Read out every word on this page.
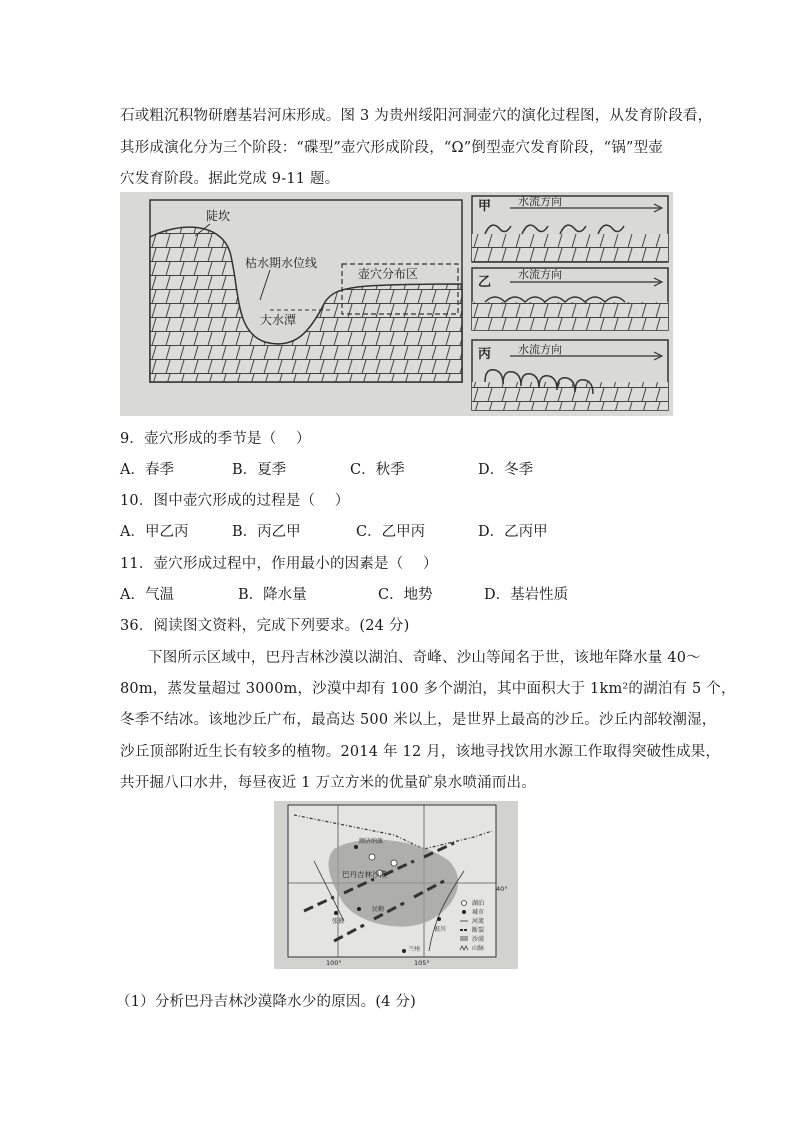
石或粗沉积物研磨基岩河床形成。图 3 为贵州绥阳河洞壶穴的演化过程图，从发育阶段看，
其形成演化分为三个阶段：“碟型”壶穴形成阶段，“Ω”倒型壶穴发育阶段，“锅”型壶
穴发育阶段。据此党成 9-11 题。
陡坎
枯水期水位线
壶穴分布区
大水潭
甲 水流方向
乙
水流方向
丙 水流方向
9．壶穴形成的季节是（　 ）
A．春季	B．夏季	C．秋季	D．冬季
10．图中壶穴形成的过程是（　 ）
A．甲乙丙	B．丙乙甲	C．乙甲丙	D．乙丙甲
11．壶穴形成过程中，作用最小的因素是（　 ）
A．气温	B．降水量	C．地势	D．基岩性质
36．阅读图文资料，完成下列要求。(24 分)
下图所示区域中，巴丹吉林沙漠以湖泊、奇峰、沙山等闻名于世，该地年降水量 40～
80m，蒸发量超过 3000m，沙漠中却有 100 多个湖泊，其中面积大于 1km²的湖泊有 5 个，
冬季不结冰。该地沙丘广布，最高达 500 米以上，是世界上最高的沙丘。沙丘内部较潮湿，
沙丘顶部附近生长有较多的植物。2014 年 12 月，该地寻找饮用水源工作取得突破性成果，
共开掘八口水井，每昼夜近 1 万立方米的优量矿泉水喷涌而出。
额济纳旗
巴丹吉林沙漠
民勤
银川
兰州
张掖
40°
100°	105°
湖泊
城市
河流
断裂
沙漠
山脉
（1）分析巴丹吉林沙漠降水少的原因。(4 分)
